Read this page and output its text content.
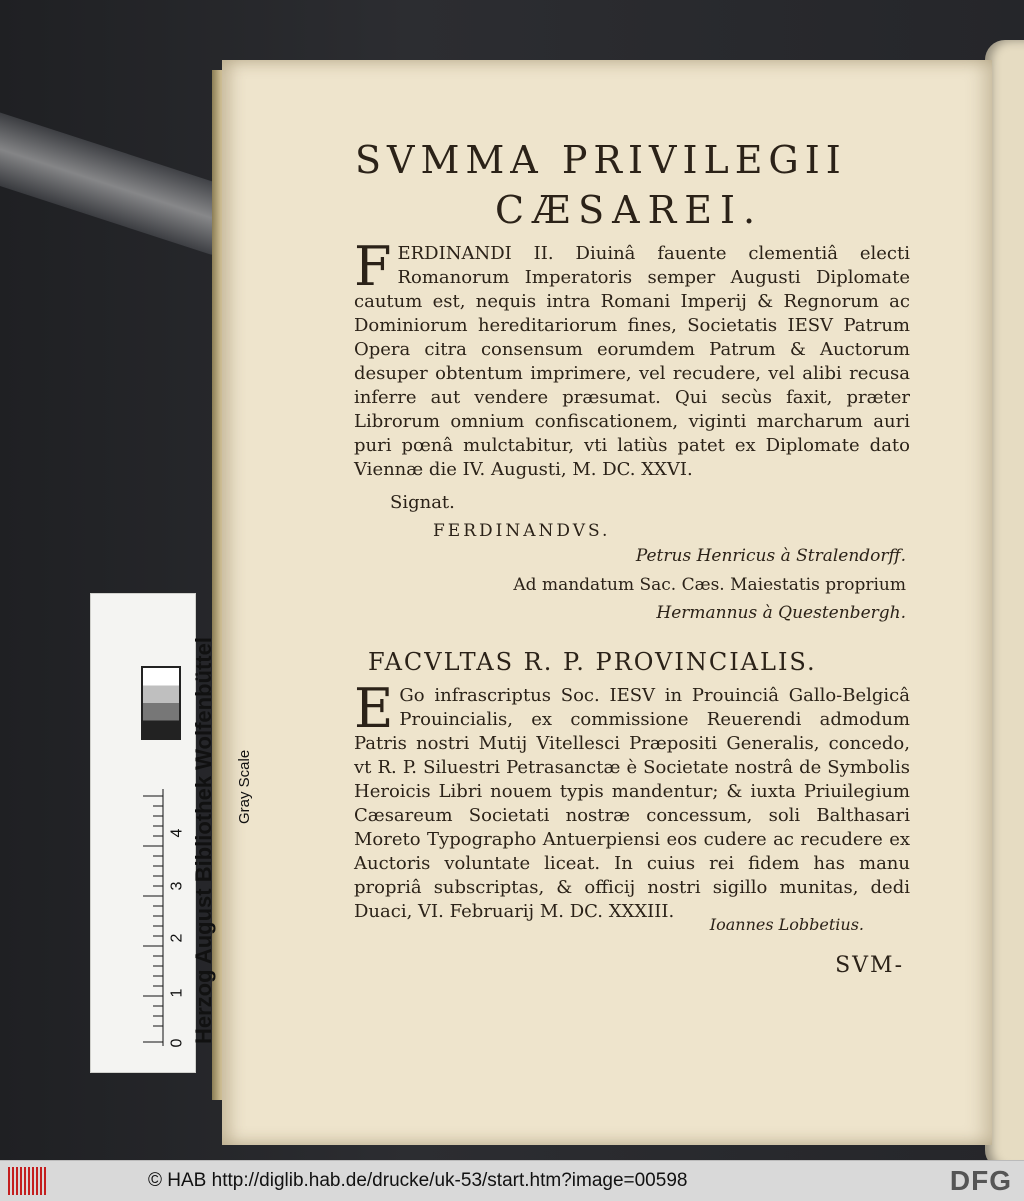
SVMMA PRIVILEGII
CÆSAREI.
F ERDINANDI II. Diuinâ fauente clementiâ electi Romanorum Imperatoris semper Augusti Diplomate cautum est, nequis intra Romani Imperij & Regnorum ac Dominiorum hereditariorum fines, Societatis IESV Patrum Opera citra consensum eorumdem Patrum & Auctorum desuper obtentum imprimere, vel recudere, vel alibi recusa inferre aut vendere præsumat. Qui secùs faxit, præter Librorum omnium confiscationem, viginti marcharum auri puri pœnâ mulctabitur, vti latiùs patet ex Diplomate dato Viennæ die IV. Augusti, M. DC. XXVI.
Signat.
FERDINANDVS.
Petrus Henricus à Stralendorff.
Ad mandatum Sac. Cæs. Maiestatis proprium
Hermannus à Questenbergh.
FACVLTAS R. P. PROVINCIALIS.
E Go infrascriptus Soc. IESV in Prouinciâ Gallo-Belgicâ Prouincialis, ex commissione Reuerendi admodum Patris nostri Mutij Vitellesci Præpositi Generalis, concedo, vt R. P. Siluestri Petrasanctæ è Societate nostrâ de Symbolis Heroicis Libri nouem typis mandentur; & iuxta Priuilegium Cæsareum Societati nostræ concessum, soli Balthasari Moreto Typographo Antuerpiensi eos cudere ac recudere ex Auctoris voluntate liceat. In cuius rei fidem has manu propriâ subscriptas, & officij nostri sigillo munitas, dedi Duaci, VI. Februarij M. DC. XXXIII.
Ioannes Lobbetius.
SVM-
Herzog August Bibliothek Wolfenbüttel Gray Scale
0
1
2
3
4
© HAB http://diglib.hab.de/drucke/uk-53/start.htm?image=00598	DFG
